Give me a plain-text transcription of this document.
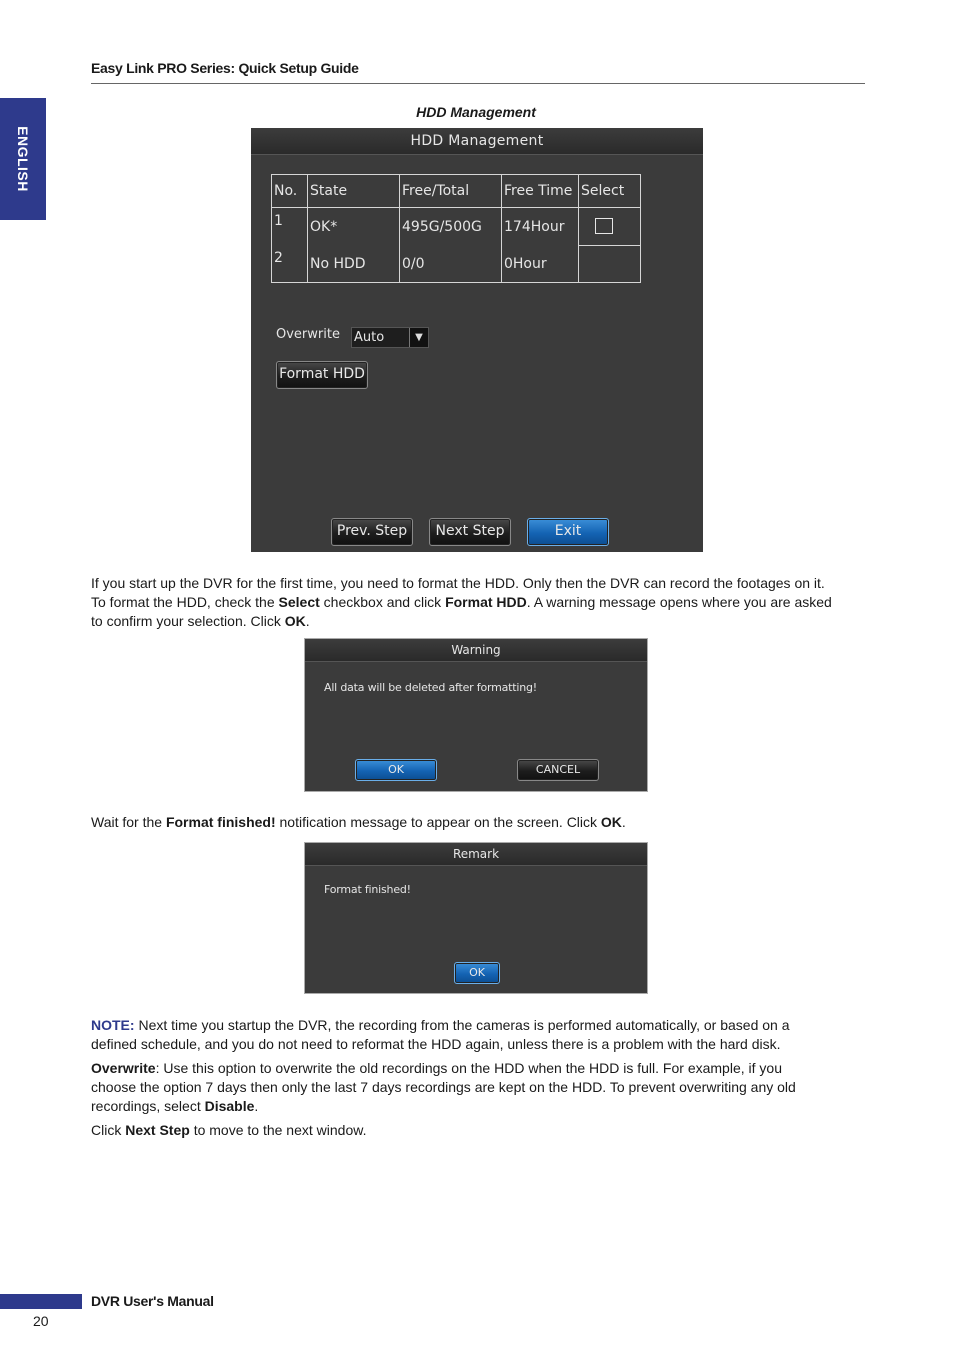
Easy Link PRO Series: Quick Setup Guide
ENGLISH
HDD Management
HDD Management
No.	State	Free/Total	Free Time	Select
1	OK*	495G/500G	174Hour	
2	No HDD	0/0	0Hour	
Overwrite Auto	▼
Format HDD
Prev. Step	Next Step	Exit
If you start up the DVR for the first time, you need to format the HDD. Only then the DVR can record the footages on it.
To format the HDD, check the Select checkbox and click Format HDD. A warning message opens where you are asked
to confirm your selection. Click OK.
Warning
All data will be deleted after formatting!
OK	CANCEL
Wait for the Format finished! notification message to appear on the screen. Click OK.
Remark
Format finished!
OK
NOTE: Next time you startup the DVR, the recording from the cameras is performed automatically, or based on a
defined schedule, and you do not need to reformat the HDD again, unless there is a problem with the hard disk.
Overwrite: Use this option to overwrite the old recordings on the HDD when the HDD is full. For example, if you
choose the option 7 days then only the last 7 days recordings are kept on the HDD. To prevent overwriting any old
recordings, select Disable.
Click Next Step to move to the next window.
DVR User's Manual
20
